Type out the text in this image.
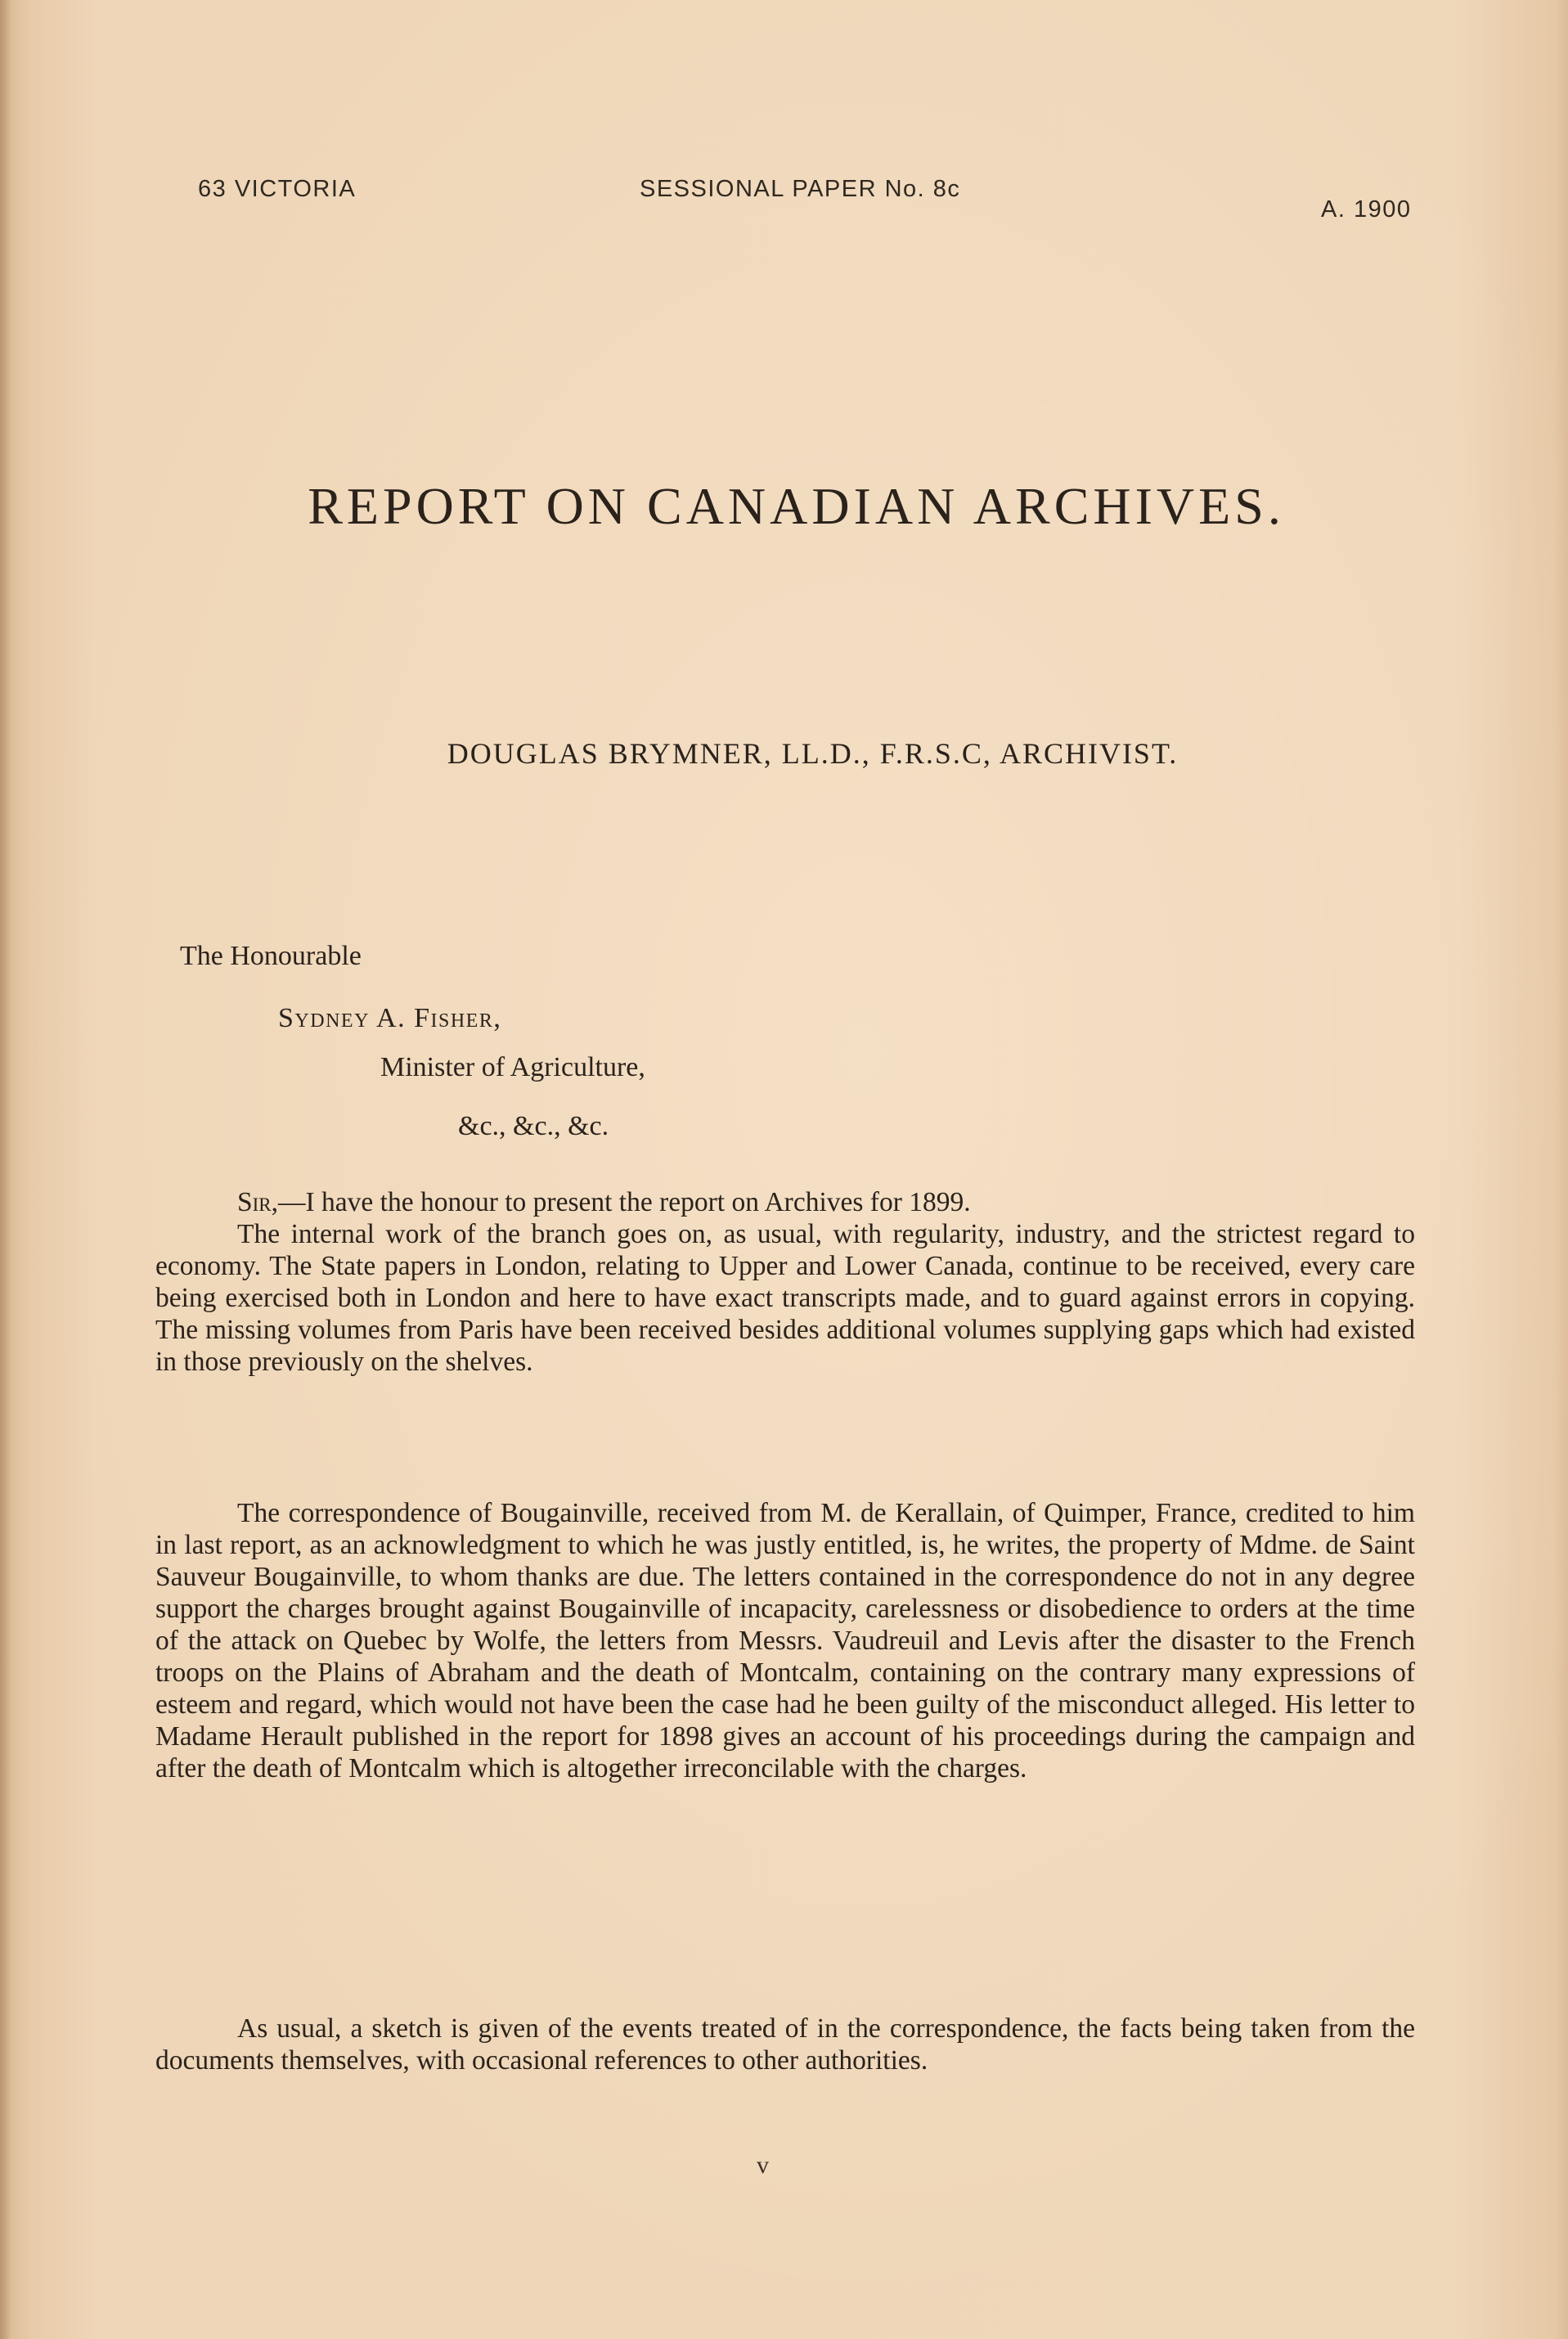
63 VICTORIA	SESSIONAL PAPER No. 8c
A. 1900
REPORT ON CANADIAN ARCHIVES.
DOUGLAS BRYMNER, LL.D., F.R.S.C, ARCHIVIST.
The Honourable
Sydney A. Fisher,
Minister of Agriculture,
&c., &c., &c.

Sir,—I have the honour to present the report on Archives for 1899.

The internal work of the branch goes on, as usual, with regularity, industry, and the strictest regard to economy. The State papers in London, relating to Upper and Lower Canada, continue to be received, every care being exercised both in London and here to have exact transcripts made, and to guard against errors in copying. The missing volumes from Paris have been received besides additional volumes supplying gaps which had existed in those previously on the shelves.

The correspondence of Bougainville, received from M. de Kerallain, of Quimper, France, credited to him in last report, as an acknowledgment to which he was justly entitled, is, he writes, the property of Mdme. de Saint Sauveur Bougainville, to whom thanks are due. The letters contained in the correspondence do not in any degree support the charges brought against Bougainville of incapacity, carelessness or disobedience to orders at the time of the attack on Quebec by Wolfe, the letters from Messrs. Vaudreuil and Levis after the disaster to the French troops on the Plains of Abraham and the death of Montcalm, containing on the contrary many expressions of esteem and regard, which would not have been the case had he been guilty of the misconduct alleged. His letter to Madame Herault published in the report for 1898 gives an account of his proceedings during the campaign and after the death of Montcalm which is altogether irreconcilable with the charges.

As usual, a sketch is given of the events treated of in the correspondence, the facts being taken from the documents themselves, with occasional references to other authorities.

v
